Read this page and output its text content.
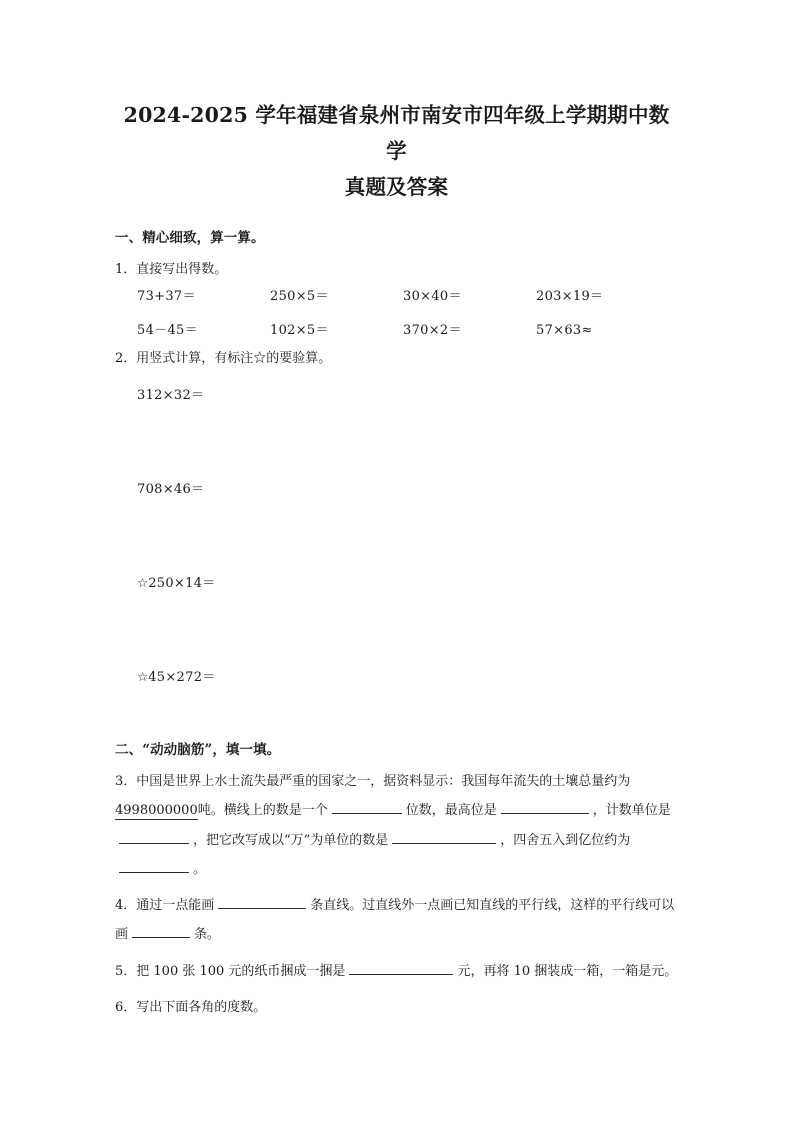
2024-2025 学年福建省泉州市南安市四年级上学期期中数学
真题及答案
一、精心细致，算一算。
1．直接写出得数。
73+37＝	250×5＝	30×40＝	203×19＝
54－45＝	102×5＝	370×2＝	57×63≈
2．用竖式计算，有标注☆的要验算。
312×32＝
708×46＝
☆250×14＝
☆45×272＝
二、“动动脑筋”，填一填。
3．中国是世界上水土流失最严重的国家之一，据资料显示：我国每年流失的土壤总量约为4998000000吨。横线上的数是一个	位数，最高位是	，计数单位是，把它改写成以“万”为单位的数是	，四舍五入到亿位约为。
4．通过一点能画	条直线。过直线外一点画已知直线的平行线，这样的平行线可以画	条。
5．把 100 张 100 元的纸币捆成一捆是	元，再将 10 捆装成一箱，一箱是元。
6．写出下面各角的度数。
